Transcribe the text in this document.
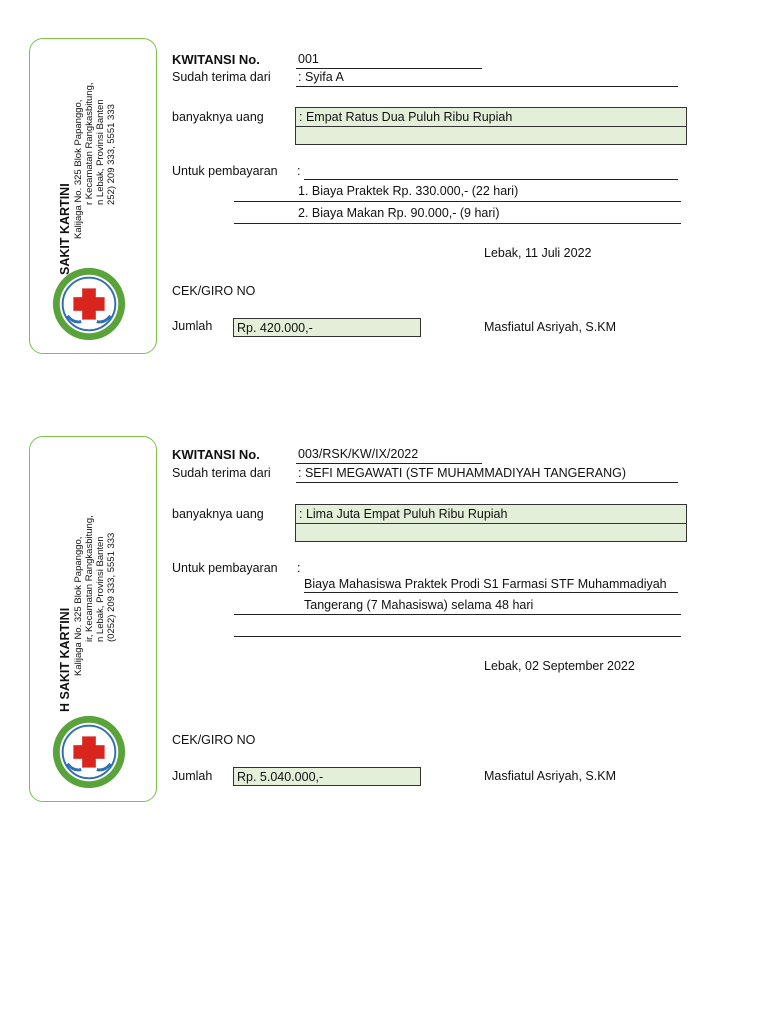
SAKIT KARTINI Kalijaga No. 325 Blok Papanggo, r Kecamatan Rangkasbitung, n Lebak, Provinsi Banten 252) 209 333, 5551 333
KWITANSI No.	001
Sudah terima dari : Syifa A
banyaknya uang	: Empat Ratus Dua Puluh Ribu Rupiah
Untuk pembayaran :
1. Biaya Praktek Rp. 330.000,- (22 hari)
2. Biaya Makan Rp. 90.000,- (9 hari)
Lebak, 11 Juli 2022
CEK/GIRO NO
Jumlah	Rp. 420.000,-	Masfiatul Asriyah, S.KM
H SAKIT KARTINI Kalijaga No. 325 Blok Papanggo, ir, Kecamatan Rangkasbitung, n Lebak, Provinsi Banten (0252) 209 333, 5551 333
KWITANSI No.	003/RSK/KW/IX/2022
Sudah terima dari : SEFI MEGAWATI (STF MUHAMMADIYAH TANGERANG)
banyaknya uang	: Lima Juta Empat Puluh Ribu Rupiah
Untuk pembayaran :
Biaya Mahasiswa Praktek Prodi S1 Farmasi STF Muhammadiyah
Tangerang (7 Mahasiswa) selama 48 hari
Lebak, 02 September 2022
CEK/GIRO NO
Jumlah	Rp. 5.040.000,-	Masfiatul Asriyah, S.KM
